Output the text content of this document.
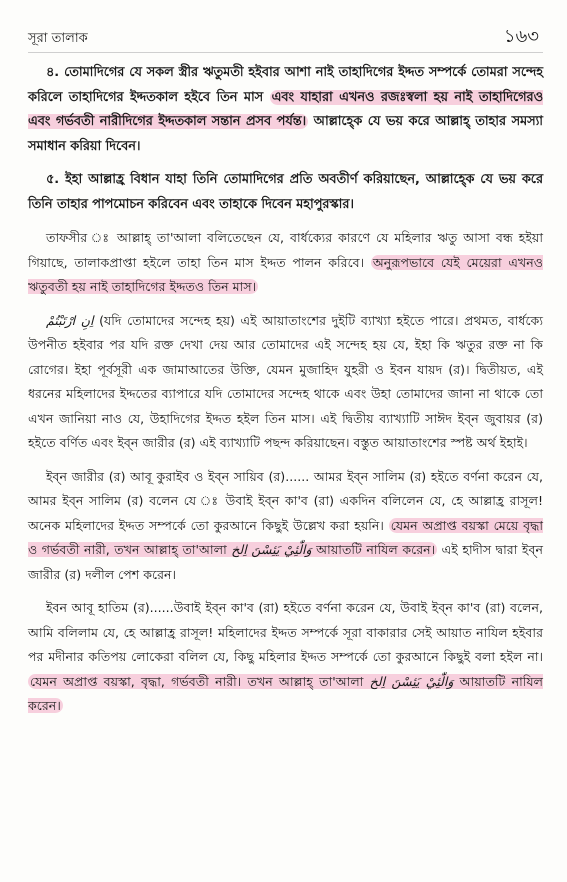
সূরা তালাক	১৬৩

৪. তোমাদিগের যে সকল স্ত্রীর ঋতুমতী হইবার আশা নাই তাহাদিগের ইদ্দত সম্পর্কে তোমরা সন্দেহ করিলে তাহাদিগের ইদ্দতকাল হইবে তিন মাস এবং যাহারা এখনও রজঃস্বলা হয় নাই তাহাদিগেরও এবং গর্ভবতী নারীদিগের ইদ্দতকাল সন্তান প্রসব পর্যন্ত। আল্লাহ্কে যে ভয় করে আল্লাহ্ তাহার সমস্যা সমাধান করিয়া দিবেন।

৫. ইহা আল্লাহ্র বিধান যাহা তিনি তোমাদিগের প্রতি অবতীর্ণ করিয়াছেন, আল্লাহ্কে যে ভয় করে তিনি তাহার পাপমোচন করিবেন এবং তাহাকে দিবেন মহাপুরস্কার।

তাফসীর ঃ আল্লাহ্ তা'আলা বলিতেছেন যে, বার্ধক্যের কারণে যে মহিলার ঋতু আসা বন্ধ হইয়া গিয়াছে, তালাকপ্রাপ্তা হইলে তাহা তিন মাস ইদ্দত পালন করিবে। অনুরূপভাবে যেই মেয়েরা এখনও ঋতুবতী হয় নাই তাহাদিগের ইদ্দতও তিন মাস।

اِنِ ارْتَبْتُمْ (যদি তোমাদের সন্দেহ হয়) এই আয়াতাংশের দুইটি ব্যাখ্যা হইতে পারে। প্রথমত, বার্ধক্যে উপনীত হইবার পর যদি রক্ত দেখা দেয় আর তোমাদের এই সন্দেহ হয় যে, ইহা কি ঋতুর রক্ত না কি রোগের। ইহা পূর্বসূরী এক জামাআতের উক্তি, যেমন মুজাহিদ যুহরী ও ইবন যায়দ (র)। দ্বিতীয়ত, এই ধরনের মহিলাদের ইদ্দতের ব্যাপারে যদি তোমাদের সন্দেহ থাকে এবং উহা তোমাদের জানা না থাকে তো এখন জানিয়া নাও যে, উহাদিগের ইদ্দত হইল তিন মাস। এই দ্বিতীয় ব্যাখ্যাটি সাঈদ ইব্ন জুবায়র (র) হইতে বর্ণিত এবং ইব্ন জারীর (র) এই ব্যাখ্যাটি পছন্দ করিয়াছেন। বস্তুত আয়াতাংশের স্পষ্ট অর্থ ইহাই।

ইব্ন জারীর (র) আবূ কুরাইব ও ইব্ন সায়িব (র)...... আমর ইব্ন সালিম (র) হইতে বর্ণনা করেন যে, আমর ইব্ন সালিম (র) বলেন যে ঃ উবাই ইব্ন কা'ব (রা) একদিন বলিলেন যে, হে আল্লাহ্র রাসূল! অনেক মহিলাদের ইদ্দত সম্পর্কে তো কুরআনে কিছুই উল্লেখ করা হয়নি। যেমন অপ্রাপ্ত বয়স্কা মেয়ে বৃদ্ধা ও গর্ভবতী নারী, তখন আল্লাহ্ তা'আলা وَالّٰئِيْ يَئِسْنَ اِلخ আয়াতটি নাযিল করেন। এই হাদীস দ্বারা ইব্ন জারীর (র) দলীল পেশ করেন।

ইবন আবূ হাতিম (র)......উবাই ইব্ন কা'ব (রা) হইতে বর্ণনা করেন যে, উবাই ইব্ন কা'ব (রা) বলেন, আমি বলিলাম যে, হে আল্লাহ্র রাসূল! মহিলাদের ইদ্দত সম্পর্কে সূরা বাকারার সেই আয়াত নাযিল হইবার পর মদীনার কতিপয় লোকেরা বলিল যে, কিছু মহিলার ইদ্দত সম্পর্কে তো কুরআনে কিছুই বলা হইল না। যেমন অপ্রাপ্ত বয়স্কা, বৃদ্ধা, গর্ভবতী নারী। তখন আল্লাহ্ তা'আলা وَالّٰئِيْ يَئِسْنَ اِلخ আয়াতটি নাযিল করেন।
